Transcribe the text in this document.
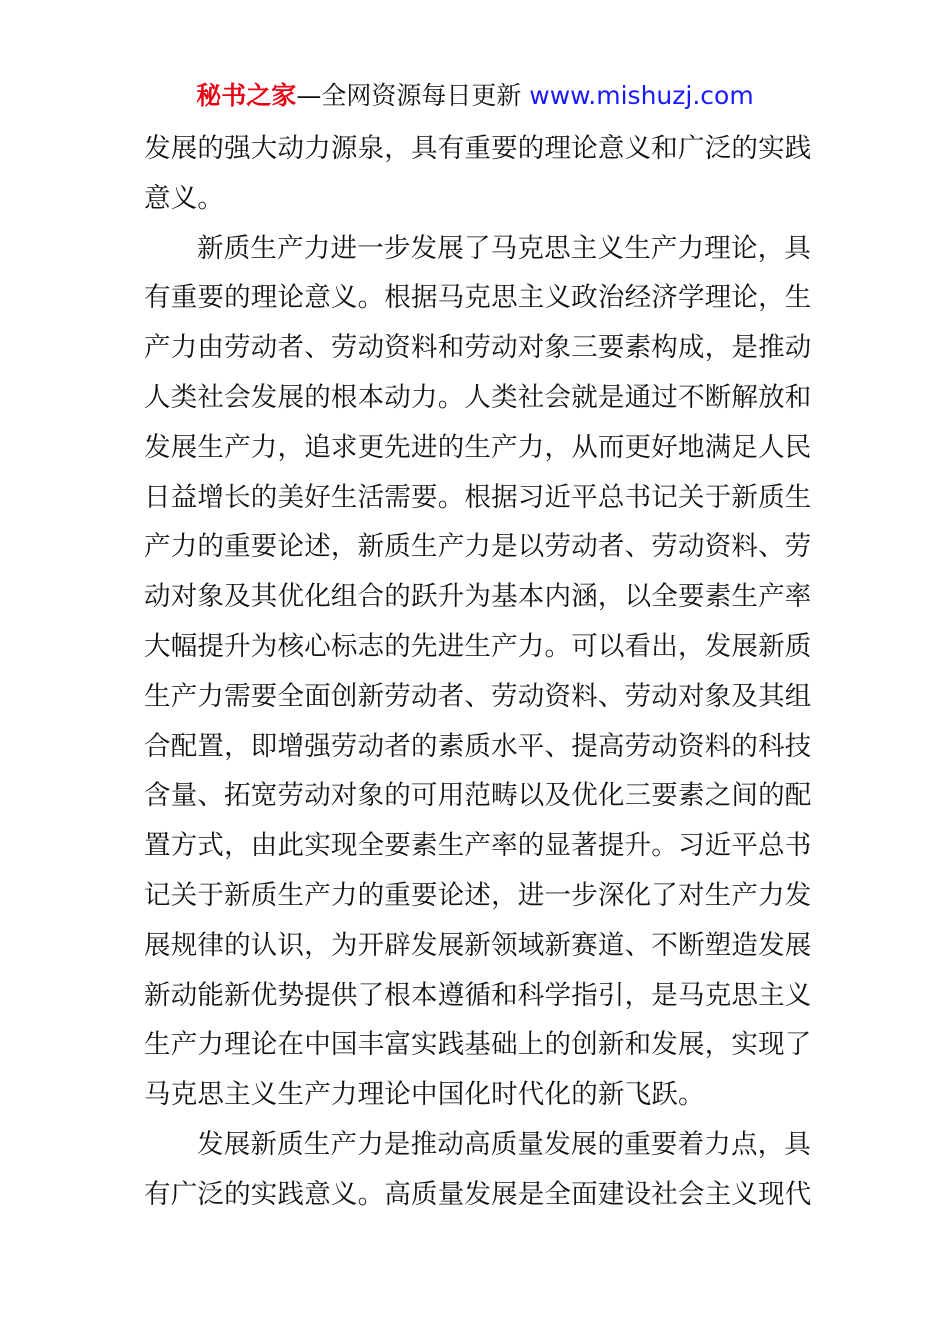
秘书之家—全网资源每日更新 www.mishuzj.com
发展的强大动力源泉，具有重要的理论意义和广泛的实践
意义。
新质生产力进一步发展了马克思主义生产力理论，具
有重要的理论意义。根据马克思主义政治经济学理论，生
产力由劳动者、劳动资料和劳动对象三要素构成，是推动
人类社会发展的根本动力。人类社会就是通过不断解放和
发展生产力，追求更先进的生产力，从而更好地满足人民
日益增长的美好生活需要。根据习近平总书记关于新质生
产力的重要论述，新质生产力是以劳动者、劳动资料、劳
动对象及其优化组合的跃升为基本内涵，以全要素生产率
大幅提升为核心标志的先进生产力。可以看出，发展新质
生产力需要全面创新劳动者、劳动资料、劳动对象及其组
合配置，即增强劳动者的素质水平、提高劳动资料的科技
含量、拓宽劳动对象的可用范畴以及优化三要素之间的配
置方式，由此实现全要素生产率的显著提升。习近平总书
记关于新质生产力的重要论述，进一步深化了对生产力发
展规律的认识，为开辟发展新领域新赛道、不断塑造发展
新动能新优势提供了根本遵循和科学指引，是马克思主义
生产力理论在中国丰富实践基础上的创新和发展，实现了
马克思主义生产力理论中国化时代化的新飞跃。
发展新质生产力是推动高质量发展的重要着力点，具
有广泛的实践意义。高质量发展是全面建设社会主义现代
